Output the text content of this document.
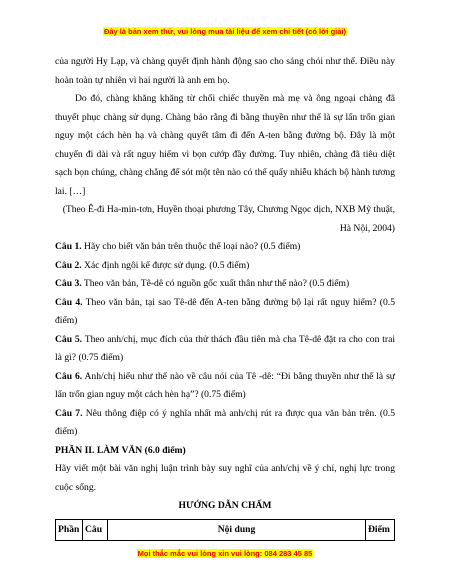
Đây là bản xem thử, vui lòng mua tài liệu để xem chi tiết (có lời giải)

của người Hy Lạp, và chàng quyết định hành động sao cho sáng chói như thế. Điều này hoàn toàn tự nhiên vì hai người là anh em họ.

Do đó, chàng khăng khăng từ chối chiếc thuyền mà mẹ và ông ngoại chàng đã thuyết phục chàng sử dụng. Chàng bảo rằng đi bằng thuyền như thế là sự lẩn trốn gian nguy một cách hèn hạ và chàng quyết tâm đi đến A-ten bằng đường bộ. Đây là một chuyến đi dài và rất nguy hiểm vì bọn cướp đầy đường. Tuy nhiên, chàng đã tiêu diệt sạch bọn chúng, chàng chẳng để sót một tên nào có thể quấy nhiễu khách bộ hành tương lai. […]

(Theo Ê-đi Ha-min-tơn, Huyền thoại phương Tây, Chương Ngọc dịch, NXB Mỹ thuật, Hà Nội, 2004)

Câu 1. Hãy cho biết văn bản trên thuộc thể loại nào? (0.5 điểm)

Câu 2. Xác định ngôi kể được sử dụng. (0.5 điểm)

Câu 3. Theo văn bản, Tê-dê có nguồn gốc xuất thân như thế nào? (0.5 điểm)

Câu 4. Theo văn bản, tại sao Tê-dê đến A-ten bằng đường bộ lại rất nguy hiểm? (0.5 điểm)

Câu 5. Theo anh/chị, mục đích của thử thách đầu tiên mà cha Tê-dê đặt ra cho con trai là gì? (0.75 điểm)

Câu 6. Anh/chị hiểu như thế nào về câu nói của Tê -dê: “Đi bằng thuyền như thế là sự lẩn trốn gian nguy một cách hèn hạ”? (0.75 điểm)

Câu 7. Nêu thông điệp có ý nghĩa nhất mà anh/chị rút ra được qua văn bản trên. (0.5 điểm)

PHẦN II. LÀM VĂN (6.0 điểm)

Hãy viết một bài văn nghị luận trình bày suy nghĩ của anh/chị về ý chí, nghị lực trong cuộc sống.

HƯỚNG DẪN CHẤM

Phần	Câu	Nội dung	Điểm
Mọi thắc mắc vui lòng xin vui lòng: 084 283 45 85
